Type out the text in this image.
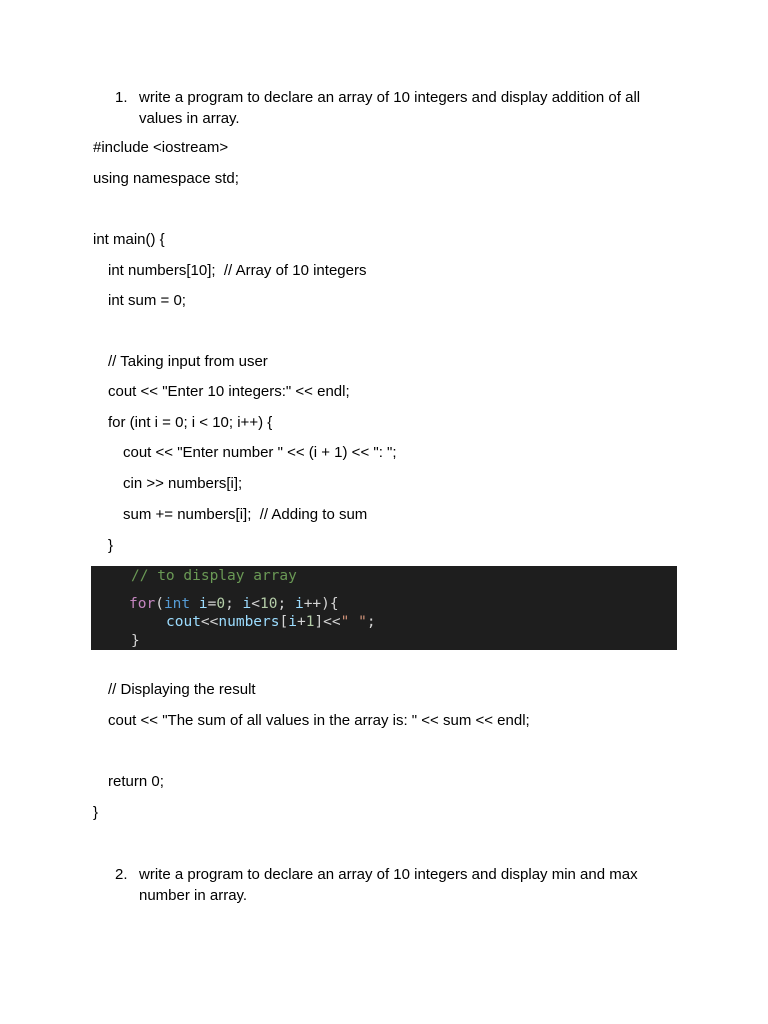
1. write a program to declare an array of 10 integers and display addition of all values in array.
#include <iostream>
using namespace std;
int main() {
int numbers[10];  // Array of 10 integers
int sum = 0;
// Taking input from user
cout << "Enter 10 integers:" << endl;
for (int i = 0; i < 10; i++) {
cout << "Enter number " << (i + 1) << ": ";
cin >> numbers[i];
sum += numbers[i];  // Adding to sum
}
// to display array
for(int i=0; i<10; i++){
cout<<numbers[i+1]<<" ";
}
// Displaying the result
cout << "The sum of all values in the array is: " << sum << endl;
return 0;
}
2. write a program to declare an array of 10 integers and display min and max number in array.
